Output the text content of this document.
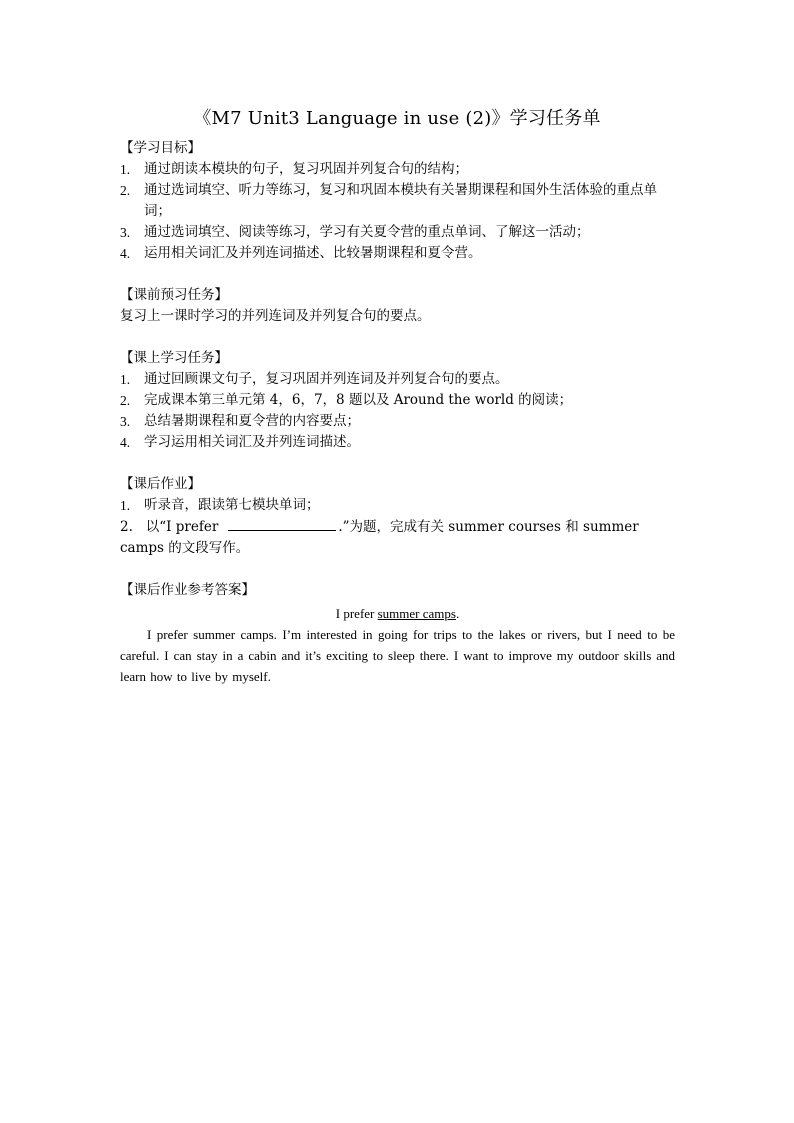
《M7 Unit3 Language in use (2)》学习任务单
【学习目标】
1. 通过朗读本模块的句子，复习巩固并列复合句的结构；
2. 通过选词填空、听力等练习，复习和巩固本模块有关暑期课程和国外生活体验的重点单词；
3. 通过选词填空、阅读等练习，学习有关夏令营的重点单词、了解这一活动；
4. 运用相关词汇及并列连词描述、比较暑期课程和夏令营。
【课前预习任务】

复习上一课时学习的并列连词及并列复合句的要点。

【课上学习任务】
1. 通过回顾课文句子，复习巩固并列连词及并列复合句的要点。
2. 完成课本第三单元第 4，6，7，8 题以及 Around the world 的阅读；
3. 总结暑期课程和夏令营的内容要点；
4. 学习运用相关词汇及并列连词描述。
【课后作业】
1. 听录音，跟读第七模块单词；

2. 以“I prefer	.”为题，完成有关 summer courses 和 summer camps 的文段写作。

【课后作业参考答案】

I prefer summer camps.

I prefer summer camps. I’m interested in going for trips to the lakes or rivers, but I need to be careful. I can stay in a cabin and it’s exciting to sleep there. I want to improve my outdoor skills and learn how to live by myself.
